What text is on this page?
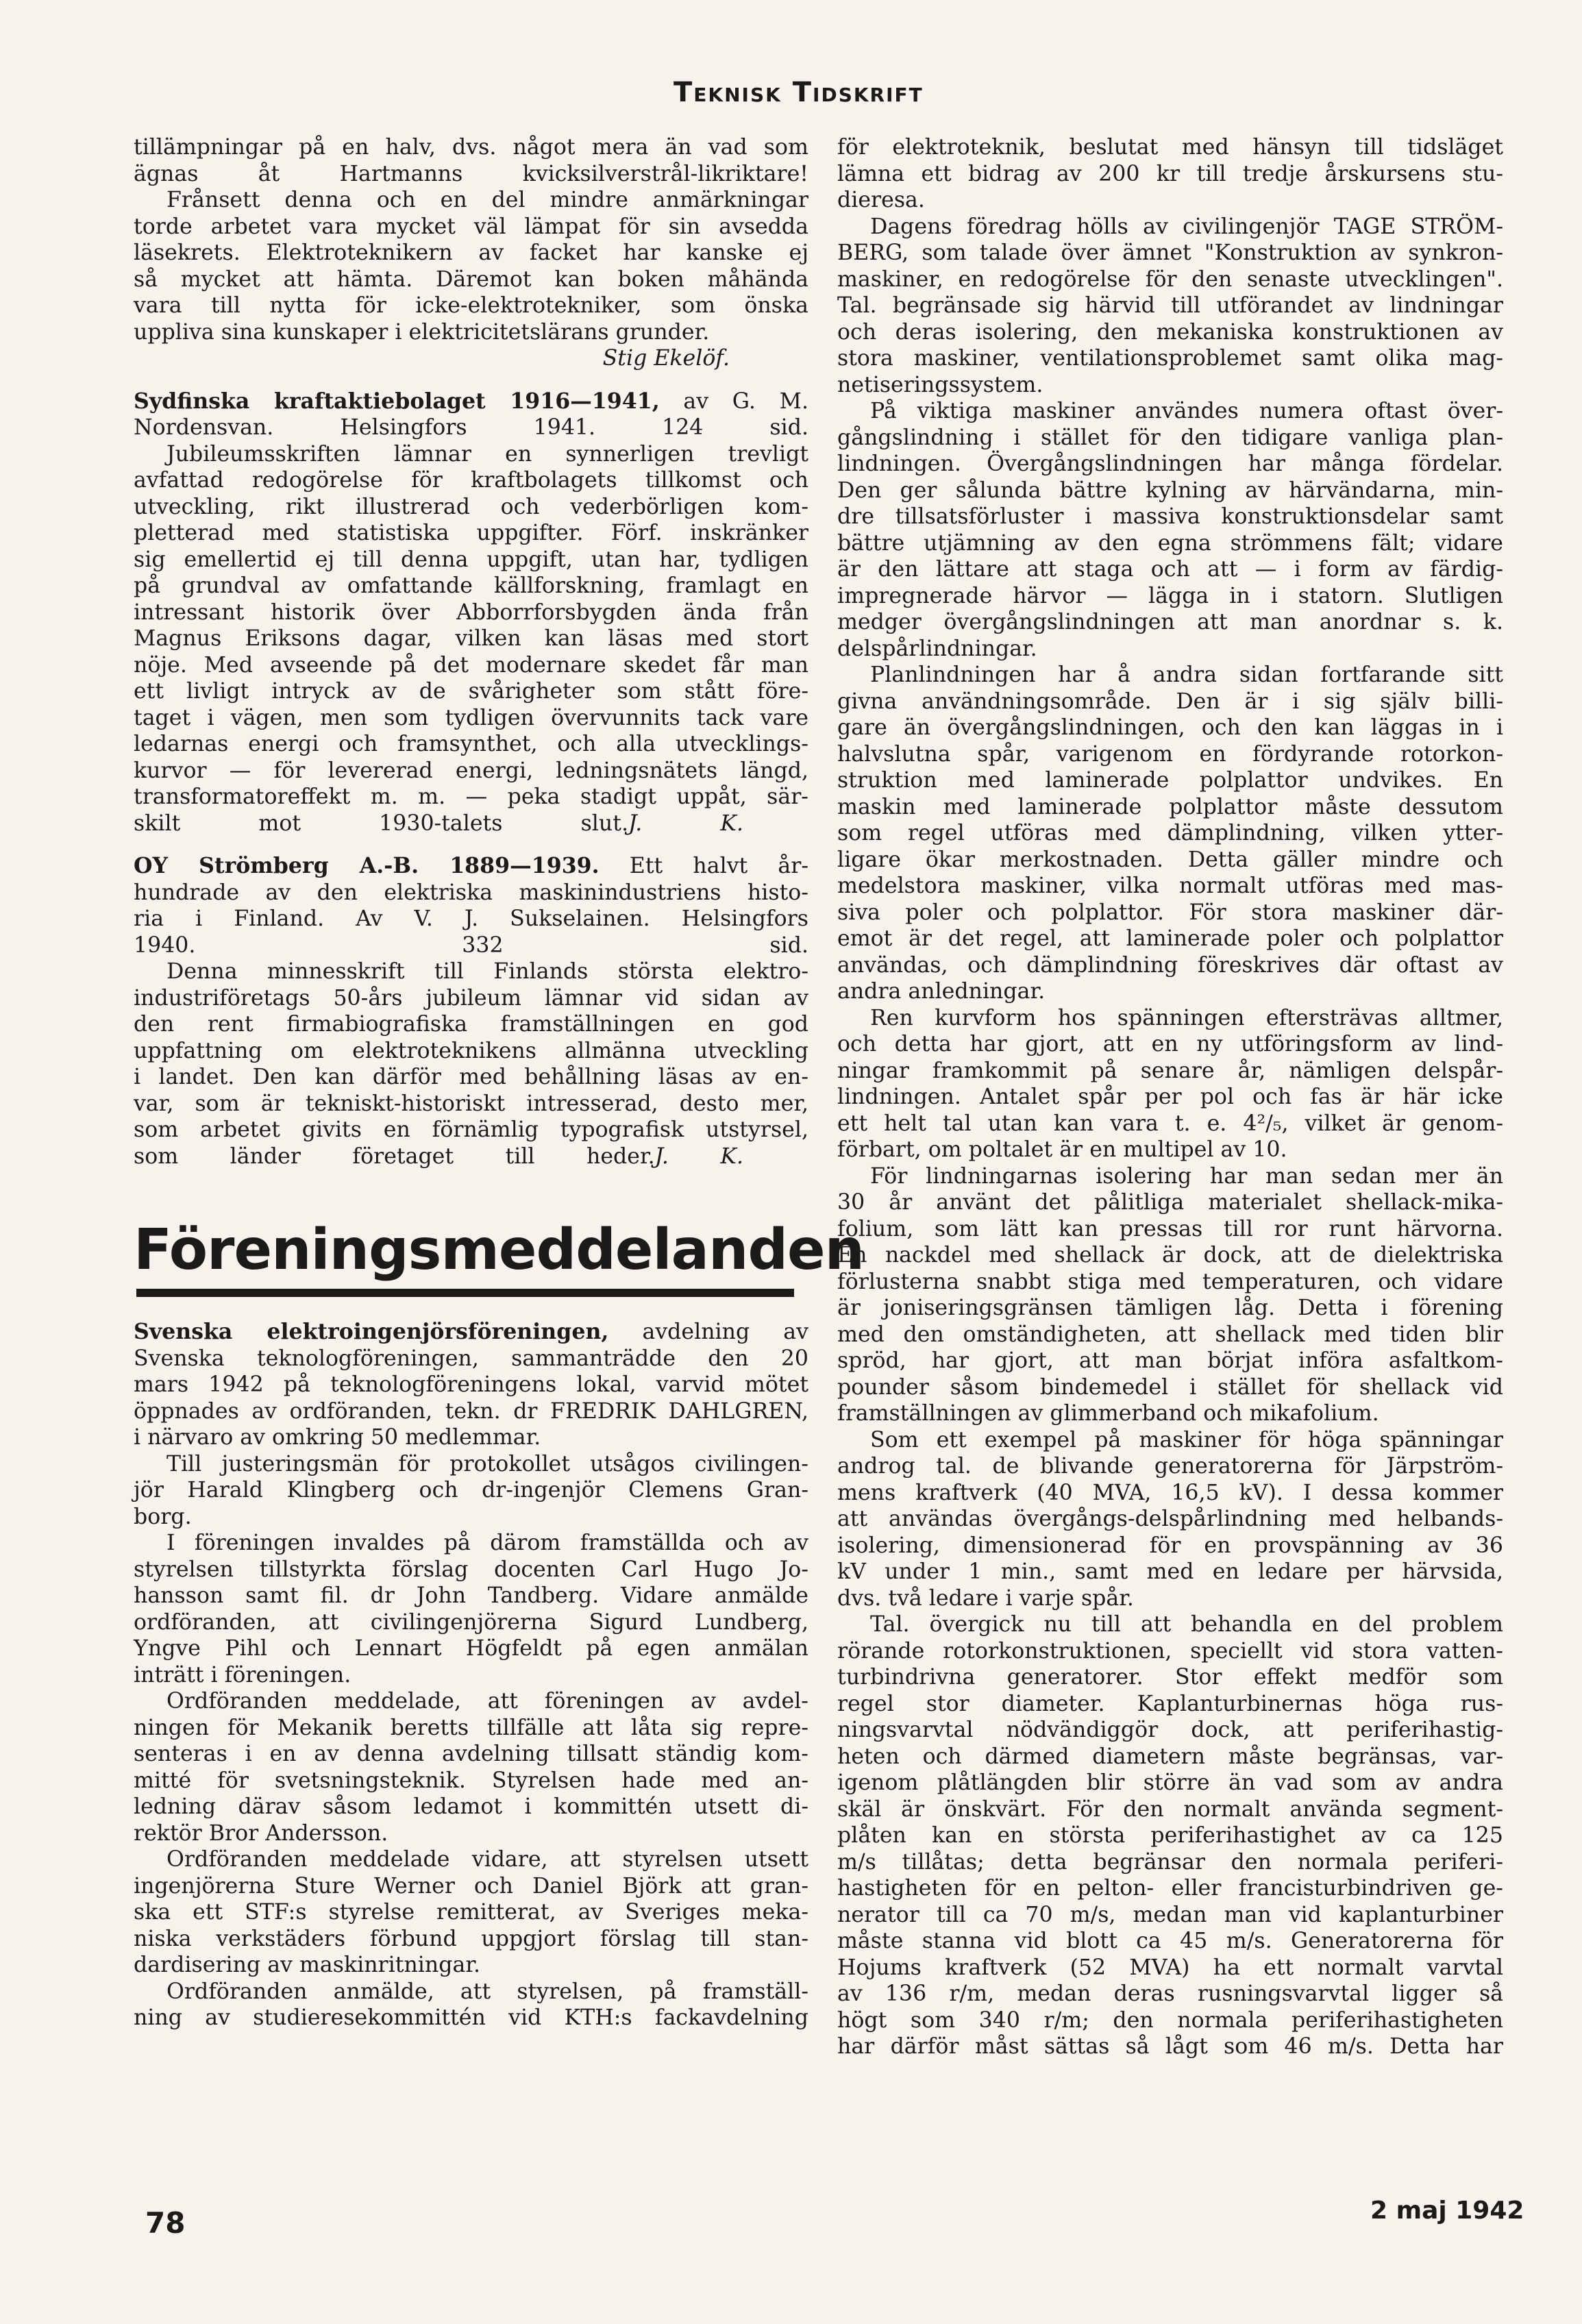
Teknisk Tidskrift
tillämpningar på en halv, dvs. något mera än vad som
ägnas åt Hartmanns kvicksilverstrål-likriktare!
Frånsett denna och en del mindre anmärkningar
torde arbetet vara mycket väl lämpat för sin avsedda
läsekrets. Elektroteknikern av facket har kanske ej
så mycket att hämta. Däremot kan boken måhända
vara till nytta för icke-elektrotekniker, som önska
uppliva sina kunskaper i elektricitetslärans grunder.
Stig Ekelöf.
Sydfinska kraftaktiebolaget 1916—1941, av G. M.
Nordensvan. Helsingfors 1941. 124 sid.
Jubileumsskriften lämnar en synnerligen trevligt
avfattad redogörelse för kraftbolagets tillkomst och
utveckling, rikt illustrerad och vederbörligen kom-
pletterad med statistiska uppgifter. Förf. inskränker
sig emellertid ej till denna uppgift, utan har, tydligen
på grundval av omfattande källforskning, framlagt en
intressant historik över Abborrforsbygden ända från
Magnus Eriksons dagar, vilken kan läsas med stort
nöje. Med avseende på det modernare skedet får man
ett livligt intryck av de svårigheter som stått före-
taget i vägen, men som tydligen övervunnits tack vare
ledarnas energi och framsynthet, och alla utvecklings-
kurvor — för levererad energi, ledningsnätets längd,
transformatoreffekt m. m. — peka stadigt uppåt, sär-
skilt mot 1930-talets slut.J. K.
OY Strömberg A.-B. 1889—1939. Ett halvt år-
hundrade av den elektriska maskinindustriens histo-
ria i Finland. Av V. J. Sukselainen. Helsingfors
1940. 332 sid.
Denna minnesskrift till Finlands största elektro-
industriföretags 50-års jubileum lämnar vid sidan av
den rent firmabiografiska framställningen en god
uppfattning om elektroteknikens allmänna utveckling
i landet. Den kan därför med behållning läsas av en-
var, som är tekniskt-historiskt intresserad, desto mer,
som arbetet givits en förnämlig typografisk utstyrsel,
som länder företaget till heder.J. K.
Föreningsmeddelanden
Svenska elektroingenjörsföreningen, avdelning av
Svenska teknologföreningen, sammanträdde den 20
mars 1942 på teknologföreningens lokal, varvid mötet
öppnades av ordföranden, tekn. dr FREDRIK DAHLGREN,
i närvaro av omkring 50 medlemmar.
Till justeringsmän för protokollet utsågos civilingen-
jör Harald Klingberg och dr-ingenjör Clemens Gran-
borg.
I föreningen invaldes på därom framställda och av
styrelsen tillstyrkta förslag docenten Carl Hugo Jo-
hansson samt fil. dr John Tandberg. Vidare anmälde
ordföranden, att civilingenjörerna Sigurd Lundberg,
Yngve Pihl och Lennart Högfeldt på egen anmälan
inträtt i föreningen.
Ordföranden meddelade, att föreningen av avdel-
ningen för Mekanik beretts tillfälle att låta sig repre-
senteras i en av denna avdelning tillsatt ständig kom-
mitté för svetsningsteknik. Styrelsen hade med an-
ledning därav såsom ledamot i kommittén utsett di-
rektör Bror Andersson.
Ordföranden meddelade vidare, att styrelsen utsett
ingenjörerna Sture Werner och Daniel Björk att gran-
ska ett STF:s styrelse remitterat, av Sveriges meka-
niska verkstäders förbund uppgjort förslag till stan-
dardisering av maskinritningar.
Ordföranden anmälde, att styrelsen, på framställ-
ning av studieresekommittén vid KTH:s fackavdelning
för elektroteknik, beslutat med hänsyn till tidsläget
lämna ett bidrag av 200 kr till tredje årskursens stu-
dieresa.
Dagens föredrag hölls av civilingenjör TAGE STRÖM-
BERG, som talade över ämnet "Konstruktion av synkron-
maskiner, en redogörelse för den senaste utvecklingen".
Tal. begränsade sig härvid till utförandet av lindningar
och deras isolering, den mekaniska konstruktionen av
stora maskiner, ventilationsproblemet samt olika mag-
netiseringssystem.
På viktiga maskiner användes numera oftast över-
gångslindning i stället för den tidigare vanliga plan-
lindningen. Övergångslindningen har många fördelar.
Den ger sålunda bättre kylning av härvändarna, min-
dre tillsatsförluster i massiva konstruktionsdelar samt
bättre utjämning av den egna strömmens fält; vidare
är den lättare att staga och att — i form av färdig-
impregnerade härvor — lägga in i statorn. Slutligen
medger övergångslindningen att man anordnar s. k.
delspårlindningar.
Planlindningen har å andra sidan fortfarande sitt
givna användningsområde. Den är i sig själv billi-
gare än övergångslindningen, och den kan läggas in i
halvslutna spår, varigenom en fördyrande rotorkon-
struktion med laminerade polplattor undvikes. En
maskin med laminerade polplattor måste dessutom
som regel utföras med dämplindning, vilken ytter-
ligare ökar merkostnaden. Detta gäller mindre och
medelstora maskiner, vilka normalt utföras med mas-
siva poler och polplattor. För stora maskiner där-
emot är det regel, att laminerade poler och polplattor
användas, och dämplindning föreskrives där oftast av
andra anledningar.
Ren kurvform hos spänningen eftersträvas alltmer,
och detta har gjort, att en ny utföringsform av lind-
ningar framkommit på senare år, nämligen delspår-
lindningen. Antalet spår per pol och fas är här icke
ett helt tal utan kan vara t. e. 4²/₅, vilket är genom-
förbart, om poltalet är en multipel av 10.
För lindningarnas isolering har man sedan mer än
30 år använt det pålitliga materialet shellack-mika-
folium, som lätt kan pressas till ror runt härvorna.
En nackdel med shellack är dock, att de dielektriska
förlusterna snabbt stiga med temperaturen, och vidare
är joniseringsgränsen tämligen låg. Detta i förening
med den omständigheten, att shellack med tiden blir
spröd, har gjort, att man börjat införa asfaltkom-
pounder såsom bindemedel i stället för shellack vid
framställningen av glimmerband och mikafolium.
Som ett exempel på maskiner för höga spänningar
androg tal. de blivande generatorerna för Järpström-
mens kraftverk (40 MVA, 16,5 kV). I dessa kommer
att användas övergångs-delspårlindning med helbands-
isolering, dimensionerad för en provspänning av 36
kV under 1 min., samt med en ledare per härvsida,
dvs. två ledare i varje spår.
Tal. övergick nu till att behandla en del problem
rörande rotorkonstruktionen, speciellt vid stora vatten-
turbindrivna generatorer. Stor effekt medför som
regel stor diameter. Kaplanturbinernas höga rus-
ningsvarvtal nödvändiggör dock, att periferihastig-
heten och därmed diametern måste begränsas, var-
igenom plåtlängden blir större än vad som av andra
skäl är önskvärt. För den normalt använda segment-
plåten kan en största periferihastighet av ca 125
m/s tillåtas; detta begränsar den normala periferi-
hastigheten för en pelton- eller francisturbindriven ge-
nerator till ca 70 m/s, medan man vid kaplanturbiner
måste stanna vid blott ca 45 m/s. Generatorerna för
Hojums kraftverk (52 MVA) ha ett normalt varvtal
av 136 r/m, medan deras rusningsvarvtal ligger så
högt som 340 r/m; den normala periferihastigheten
har därför måst sättas så lågt som 46 m/s. Detta har
78	2 maj 1942
